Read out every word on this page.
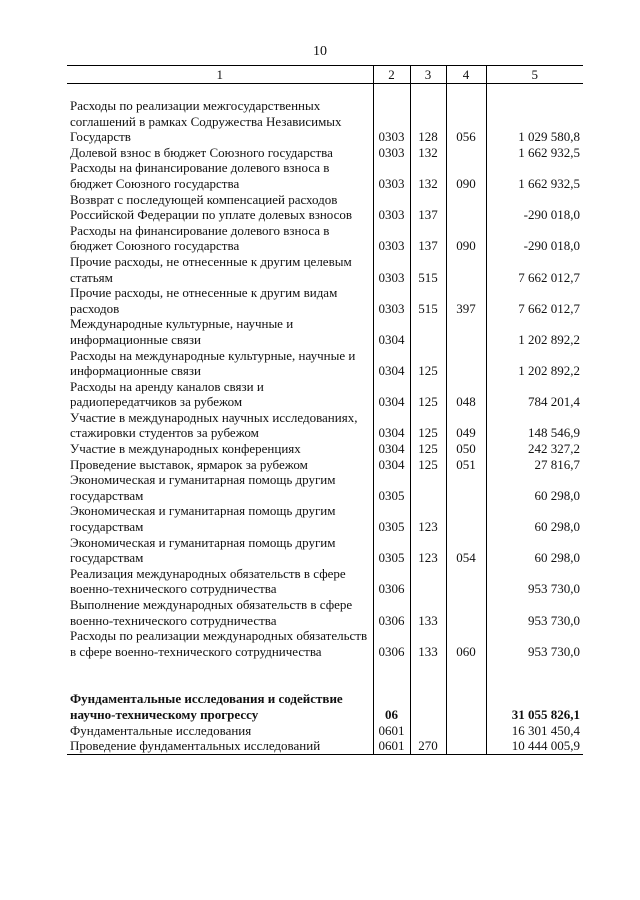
10
1	2	3	4	5

Расходы по реализации межгосударственных соглашений в рамках Содружества Независимых Государств	0303	128	056	1 029 580,8
Долевой взнос в бюджет Союзного государства	0303	132		1 662 932,5
Расходы на финансирование долевого взноса в бюджет Союзного государства	0303	132	090	1 662 932,5
Возврат с последующей компенсацией расходов Российской Федерации по уплате долевых взносов	0303	137		-290 018,0
Расходы на финансирование долевого взноса в бюджет Союзного государства	0303	137	090	-290 018,0
Прочие расходы, не отнесенные к другим целевым статьям	0303	515		7 662 012,7
Прочие расходы, не отнесенные к другим видам расходов	0303	515	397	7 662 012,7
Международные культурные, научные и информационные связи	0304			1 202 892,2
Расходы на международные культурные, научные и информационные связи	0304	125		1 202 892,2
Расходы на аренду каналов связи и радиопередатчиков за рубежом	0304	125	048	784 201,4
Участие в международных научных исследованиях, стажировки студентов за рубежом	0304	125	049	148 546,9
Участие в международных конференциях	0304	125	050	242 327,2
Проведение выставок, ярмарок за рубежом	0304	125	051	27 816,7
Экономическая и гуманитарная помощь другим государствам	0305			60 298,0
Экономическая и гуманитарная помощь другим государствам	0305	123		60 298,0
Экономическая и гуманитарная помощь другим государствам	0305	123	054	60 298,0
Реализация международных обязательств в сфере военно-технического сотрудничества	0306			953 730,0
Выполнение международных обязательств в сфере военно-технического сотрудничества	0306	133		953 730,0
Расходы по реализации международных обязательств в сфере военно-технического сотрудничества	0306	133	060	953 730,0

Фундаментальные исследования и содействие научно-техническому прогрессу	06			31 055 826,1
Фундаментальные исследования	0601			16 301 450,4
Проведение фундаментальных исследований	0601	270		10 444 005,9
